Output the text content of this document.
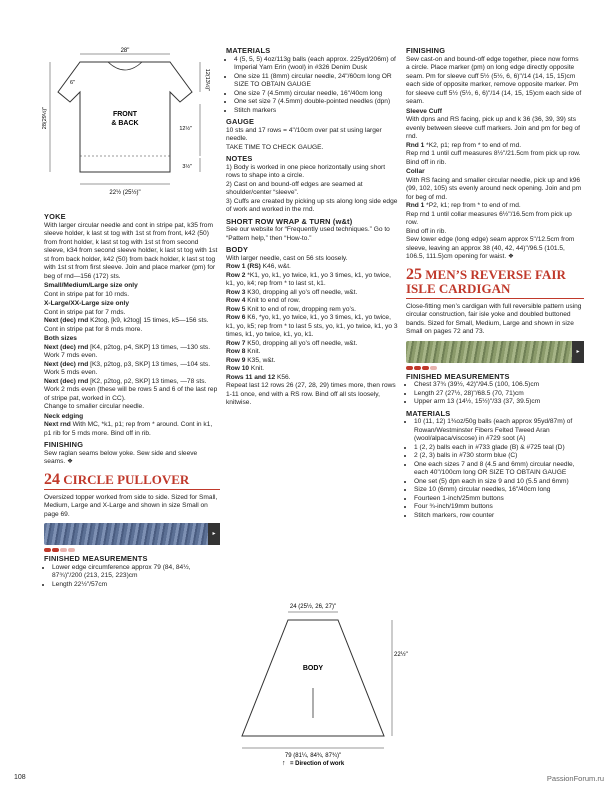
FRONT
& BACK
28"
22½ (25½)"
12(13½)"
12½"
3½"
28(29½)"
6"
YOKE

With larger circular needle and cont in stripe pat, k35 from sleeve holder, k last st tog with 1st st from front, k42 (50) from front holder, k last st tog with 1st st from second sleeve, k34 from second sleeve holder, k last st tog with 1st st from back holder, k42 (50) from back holder, k last st tog with 1st st from first sleeve. Join and place marker (pm) for beg of rnd—156 (172) sts.

Small/Medium/Large size only

Cont in stripe pat for 10 rnds.

X-Large/XX-Large size only

Cont in stripe pat for 7 rnds.

Next (dec) rnd K2tog, [k9, k2tog] 15 times, k5—156 sts. Cont in stripe pat for 8 rnds more.

Both sizes

Next (dec) rnd [K4, p2tog, p4, SKP] 13 times, —130 sts.

Work 7 rnds even.

Next (dec) rnd [K3, p2tog, p3, SKP] 13 times, —104 sts.

Work 5 rnds even.

Next (dec) rnd [K2, p2tog, p2, SKP] 13 times, —78 sts.

Work 2 rnds even (these will be rows 5 and 6 of the last rep of stripe pat, worked in CC).

Change to smaller circular needle.

Neck edging

Next rnd With MC, *k1, p1; rep from * around. Cont in k1, p1 rib for 5 rnds more. Bind off in rib.

FINISHING

Sew raglan seams below yoke. Sew side and sleeve seams. ❖

24 CIRCLE PULLOVER

Oversized topper worked from side to side. Sized for Small, Medium, Large and X-Large and shown in size Small on page 69.

▸
FINISHED MEASUREMENTS
• Lower edge circumference approx 79 (84, 84½, 87¾)"/200 (213, 215, 223)cm
• Length 22½"/57cm
MATERIALS
• 4 (5, 5, 5) 4oz/113g balls (each approx. 225yd/206m) of Imperial Yarn Erin (wool) in #326 Denim Dusk
• One size 11 (8mm) circular needle, 24"/60cm long OR SIZE TO OBTAIN GAUGE
• One size 7 (4.5mm) circular needle, 16"/40cm long
• One set size 7 (4.5mm) double-pointed needles (dpn)
• Stitch markers
GAUGE

10 sts and 17 rows = 4"/10cm over pat st using larger needle.

TAKE TIME TO CHECK GAUGE.

NOTES

1) Body is worked in one piece horizontally using short rows to shape into a circle.

2) Cast on and bound-off edges are seamed at shoulder/center “sleeve”.

3) Cuffs are created by picking up sts along long side edge of work and worked in the rnd.

SHORT ROW WRAP & TURN (w&t)

See our website for “Frequently used techniques.” Go to “Pattern help,” then “How-to.”

BODY

With larger needle, cast on 56 sts loosely.

Row 1 (RS) K46, w&t.

Row 2 *K1, yo, k1, yo twice, k1, yo 3 times, k1, yo twice, k1, yo, k4; rep from * to last st, k1.

Row 3 K30, dropping all yo’s off needle, w&t.

Row 4 Knit to end of row.

Row 5 Knit to end of row, dropping rem yo’s.

Row 6 K6, *yo, k1, yo twice, k1, yo 3 times, k1, yo twice, k1, yo, k5; rep from * to last 5 sts, yo, k1, yo twice, k1, yo 3 times, k1, yo twice, k1, yo, k1.

Row 7 K50, dropping all yo’s off needle, w&t.

Row 8 Knit.

Row 9 K35, w&t.

Row 10 Knit.

Rows 11 and 12 K56.

Repeat last 12 rows 26 (27, 28, 29) times more, then rows 1-11 once, end with a RS row. Bind off all sts loosely, knitwise.

24 (25½, 26, 27)"
BODY
22½"
79 (81¼, 84¾, 87¾)"
↑ = Direction of work
FINISHING

Sew cast-on and bound-off edge together, piece now forms a circle. Place marker (pm) on long edge directly opposite seam. Pm for sleeve cuff 5½ (5½, 6, 6)"/14 (14, 15, 15)cm each side of opposite marker, remove opposite marker. Pm for sleeve cuff 5½ (5½, 6, 6)"/14 (14, 15, 15)cm each side of seam.

Sleeve Cuff

With dpns and RS facing, pick up and k 36 (36, 39, 39) sts evenly between sleeve cuff markers. Join and pm for beg of rnd.

Rnd 1 *K2, p1; rep from * to end of rnd.

Rep rnd 1 until cuff measures 8½"/21.5cm from pick up row. Bind off in rib.

Collar

With RS facing and smaller circular needle, pick up and k96 (99, 102, 105) sts evenly around neck opening. Join and pm for beg of rnd.

Rnd 1 *P2, k1; rep from * to end of rnd.

Rep rnd 1 until collar measures 6½"/16.5cm from pick up row.

Bind off in rib.

Sew lower edge (long edge) seam approx 5"/12.5cm from sleeve, leaving an approx 38 (40, 42, 44)"/96.5 (101.5, 106.5, 111.5)cm opening for waist. ❖

25 MEN’S REVERSE FAIR ISLE CARDIGAN

Close-fitting men’s cardigan with full reversible pattern using circular construction, fair isle yoke and doubled buttoned bands. Sized for Small, Medium, Large and shown in size Small on pages 72 and 73.

▸
FINISHED MEASUREMENTS
• Chest 37¾ (39½, 42)"/94.5 (100, 106.5)cm
• Length 27 (27½, 28)"/68.5 (70, 71)cm
• Upper arm 13 (14½, 15½)"/33 (37, 39.5)cm
MATERIALS
• 10 (11, 12) 1¾oz/50g balls (each approx 95yd/87m) of Rowan/Westminster Fibers Felted Tweed Aran (wool/alpaca/viscose) in #729 soot (A)
• 1 (2, 2) balls each in #733 glade (B) & #725 teal (D)
• 2 (2, 3) balls in #730 storm blue (C)
• One each sizes 7 and 8 (4.5 and 6mm) circular needle, each 40"/100cm long OR SIZE TO OBTAIN GAUGE
• One set (5) dpn each in size 9 and 10 (5.5 and 6mm)
• Size 10 (6mm) circular needles, 16"/40cm long
• Fourteen 1-inch/25mm buttons
• Four ¾-inch/19mm buttons
• Stitch markers, row counter
108	PassionForum.ru
